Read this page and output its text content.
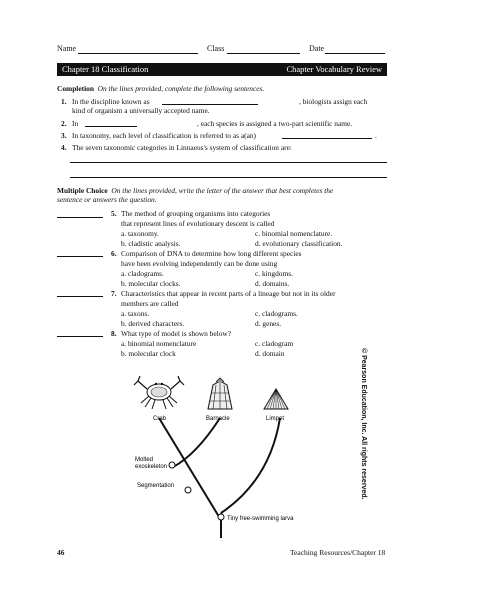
Name	Class	Date
Chapter 18 Classification	Chapter Vocabulary Review
Completion On the lines provided, complete the following sentences.
1. In the discipline known as	, biologists assign each
kind of organism a universally accepted name.
2. In	, each species is assigned a two-part scientific name.
3. In taxonomy, each level of classification is referred to as a(an)	.
4. The seven taxonomic categories in Linnaeus's system of classification are:
Multiple Choice On the lines provided, write the letter of the answer that best completes the
sentence or answers the question.
5. The method of grouping organisms into categories
that represent lines of evolutionary descent is called
a. taxonomy.	c. binomial nomenclature.
b. cladistic analysis.	d. evolutionary classification.
6. Comparison of DNA to determine how long different species
have been evolving independently can be done using
a. cladograms.	c. kingdoms.
b. molecular clocks.	d. domains.
7. Characteristics that appear in recent parts of a lineage but not in its older
members are called
a. taxons.	c. cladograms.
b. derived characters.	d. genes.
8. What type of model is shown below?
a. binomial nomenclature	c. cladogram
b. molecular clock	d. domain
Crab	Barnacle	Limpet
Molted
exoskeleton
Segmentation
Tiny free-swimming larva
© Pearson Education, Inc. All rights reserved.
46	Teaching Resources/Chapter 18
